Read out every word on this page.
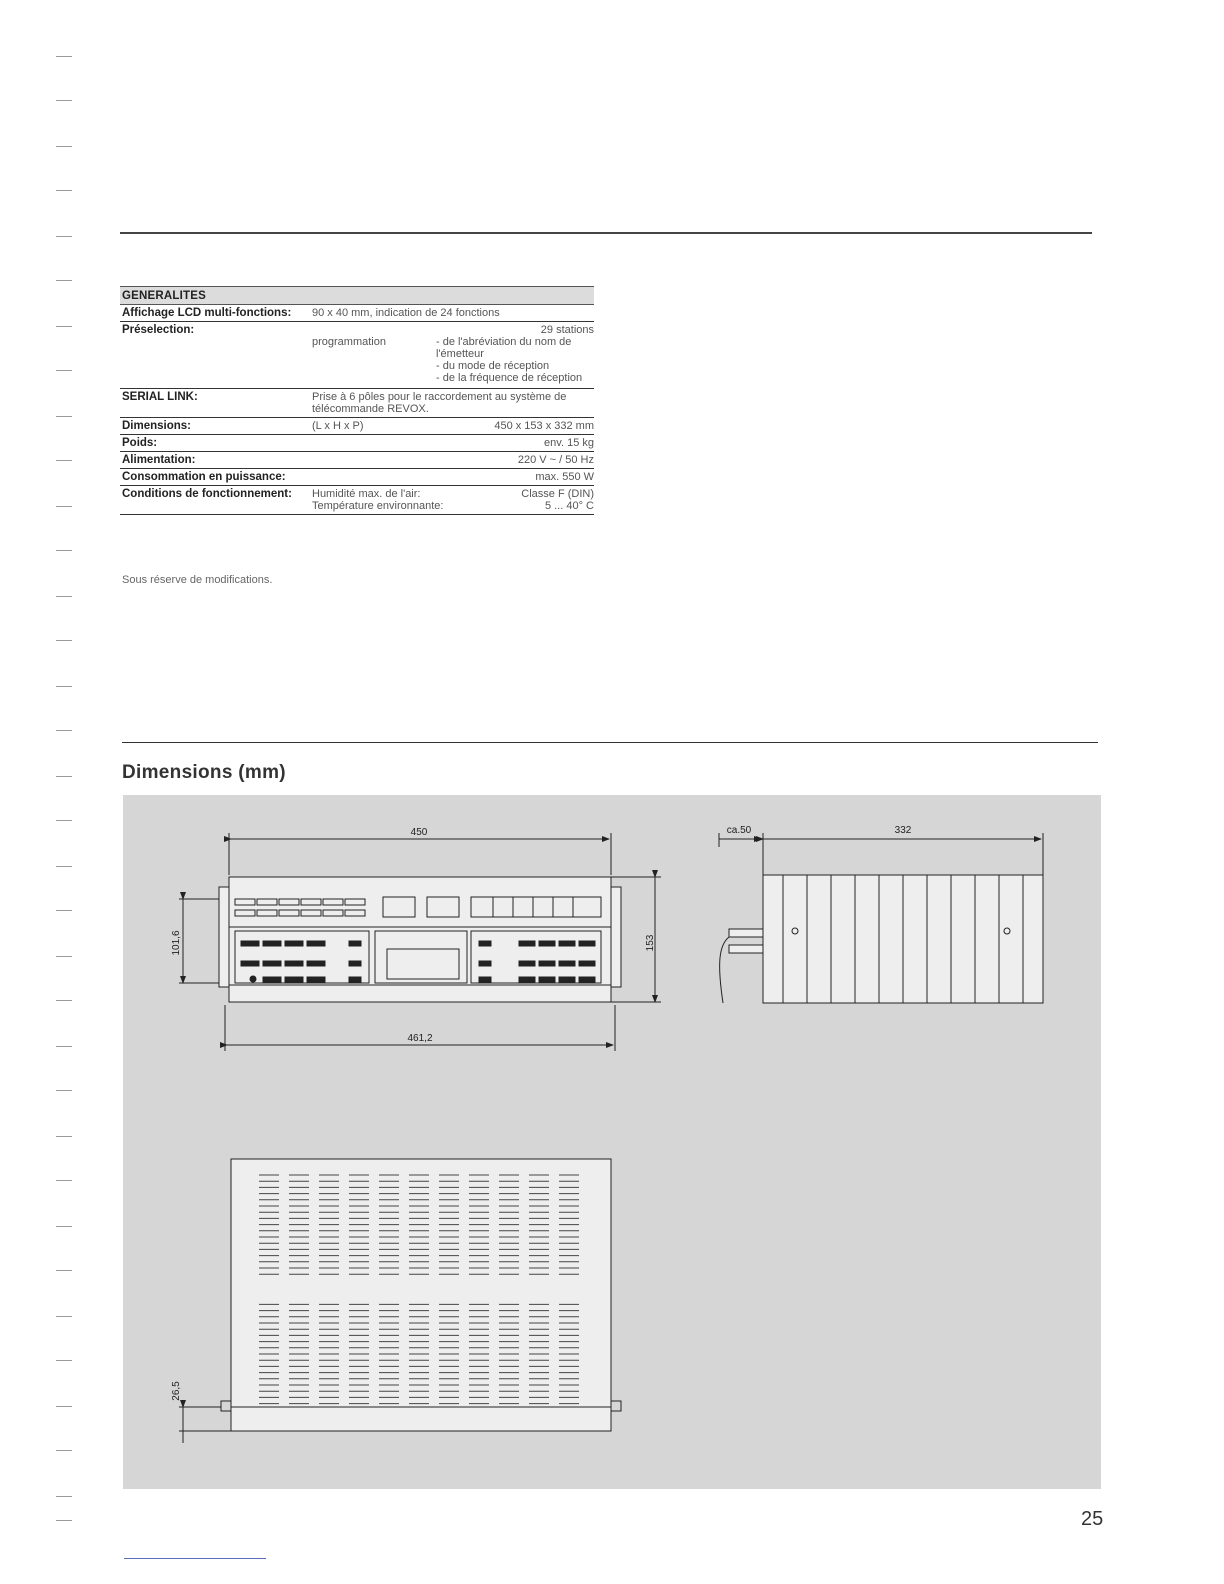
GENERALITES
Affichage LCD multi-fonctions:	90 x 40 mm, indication de 24 fonctions
Préselection:	29 stations
programmation	- de l'abréviation du nom de l'émetteur
- du mode de réception
- de la fréquence de réception
SERIAL LINK:	Prise à 6 pôles pour le raccordement au système de télécommande REVOX.
Dimensions:	(L x H x P)	450 x 153 x 332 mm
Poids:	env. 15 kg
Alimentation:	220 V ~ / 50 Hz
Consommation en puissance:	max. 550 W
Conditions de fonctionnement:	Humidité max. de l'air:	Classe F (DIN)
Température environnante:	5 ... 40° C
Sous réserve de modifications.
Dimensions (mm)
450
461,2
153
101,6
ca.50	332
26,5
25
